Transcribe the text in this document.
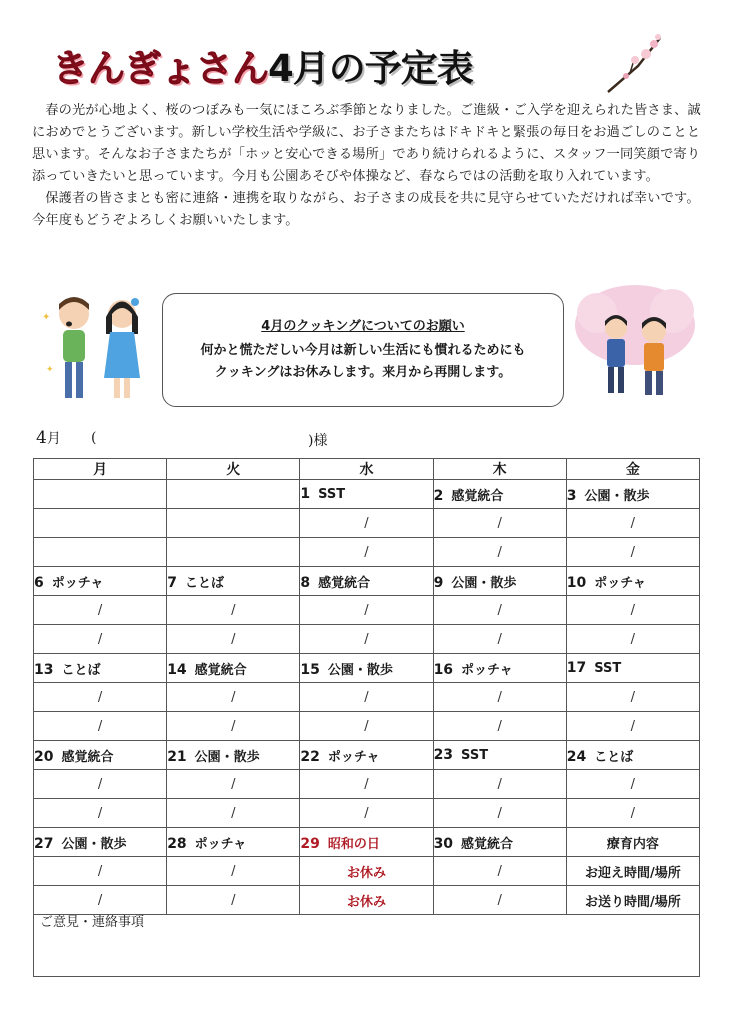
きんぎょさん4月の予定表

春の光が心地よく、桜のつぼみも一気にほころぶ季節となりました。ご進級・ご入学を迎えられた皆さま、誠におめでとうございます。新しい学校生活や学級に、お子さまたちはドキドキと緊張の毎日をお過ごしのことと思います。そんなお子さまたちが「ホッと安心できる場所」であり続けられるように、スタッフ一同笑顔で寄り添っていきたいと思っています。今月も公園あそびや体操など、春ならではの活動を取り入れています。

保護者の皆さまとも密に連絡・連携を取りながら、お子さまの成長を共に見守らせていただければ幸いです。今年度もどうぞよろしくお願いいたします。

✦
✦
4月のクッキングについてのお願い
何かと慌ただしい今月は新しい生活にも慣れるためにも
クッキングはお休みします。来月から再開します。
4月 (	)様
月	火	水	木	金
		1 SST	2 感覚統合	3 公園・散歩
		/	/	/
		/	/	/
6 ポッチャ	7 ことば	8 感覚統合	9 公園・散歩	10 ポッチャ
/	/	/	/	/
/	/	/	/	/
13 ことば	14 感覚統合	15 公園・散歩	16 ポッチャ	17 SST
/	/	/	/	/
/	/	/	/	/
20 感覚統合	21 公園・散歩	22 ポッチャ	23 SST	24 ことば
/	/	/	/	/
/	/	/	/	/
27 公園・散歩	28 ポッチャ	29 昭和の日	30 感覚統合	療育内容
/	/	お休み	/	お迎え時間/場所
/	/	お休み	/	お送り時間/場所
ご意見・連絡事項
